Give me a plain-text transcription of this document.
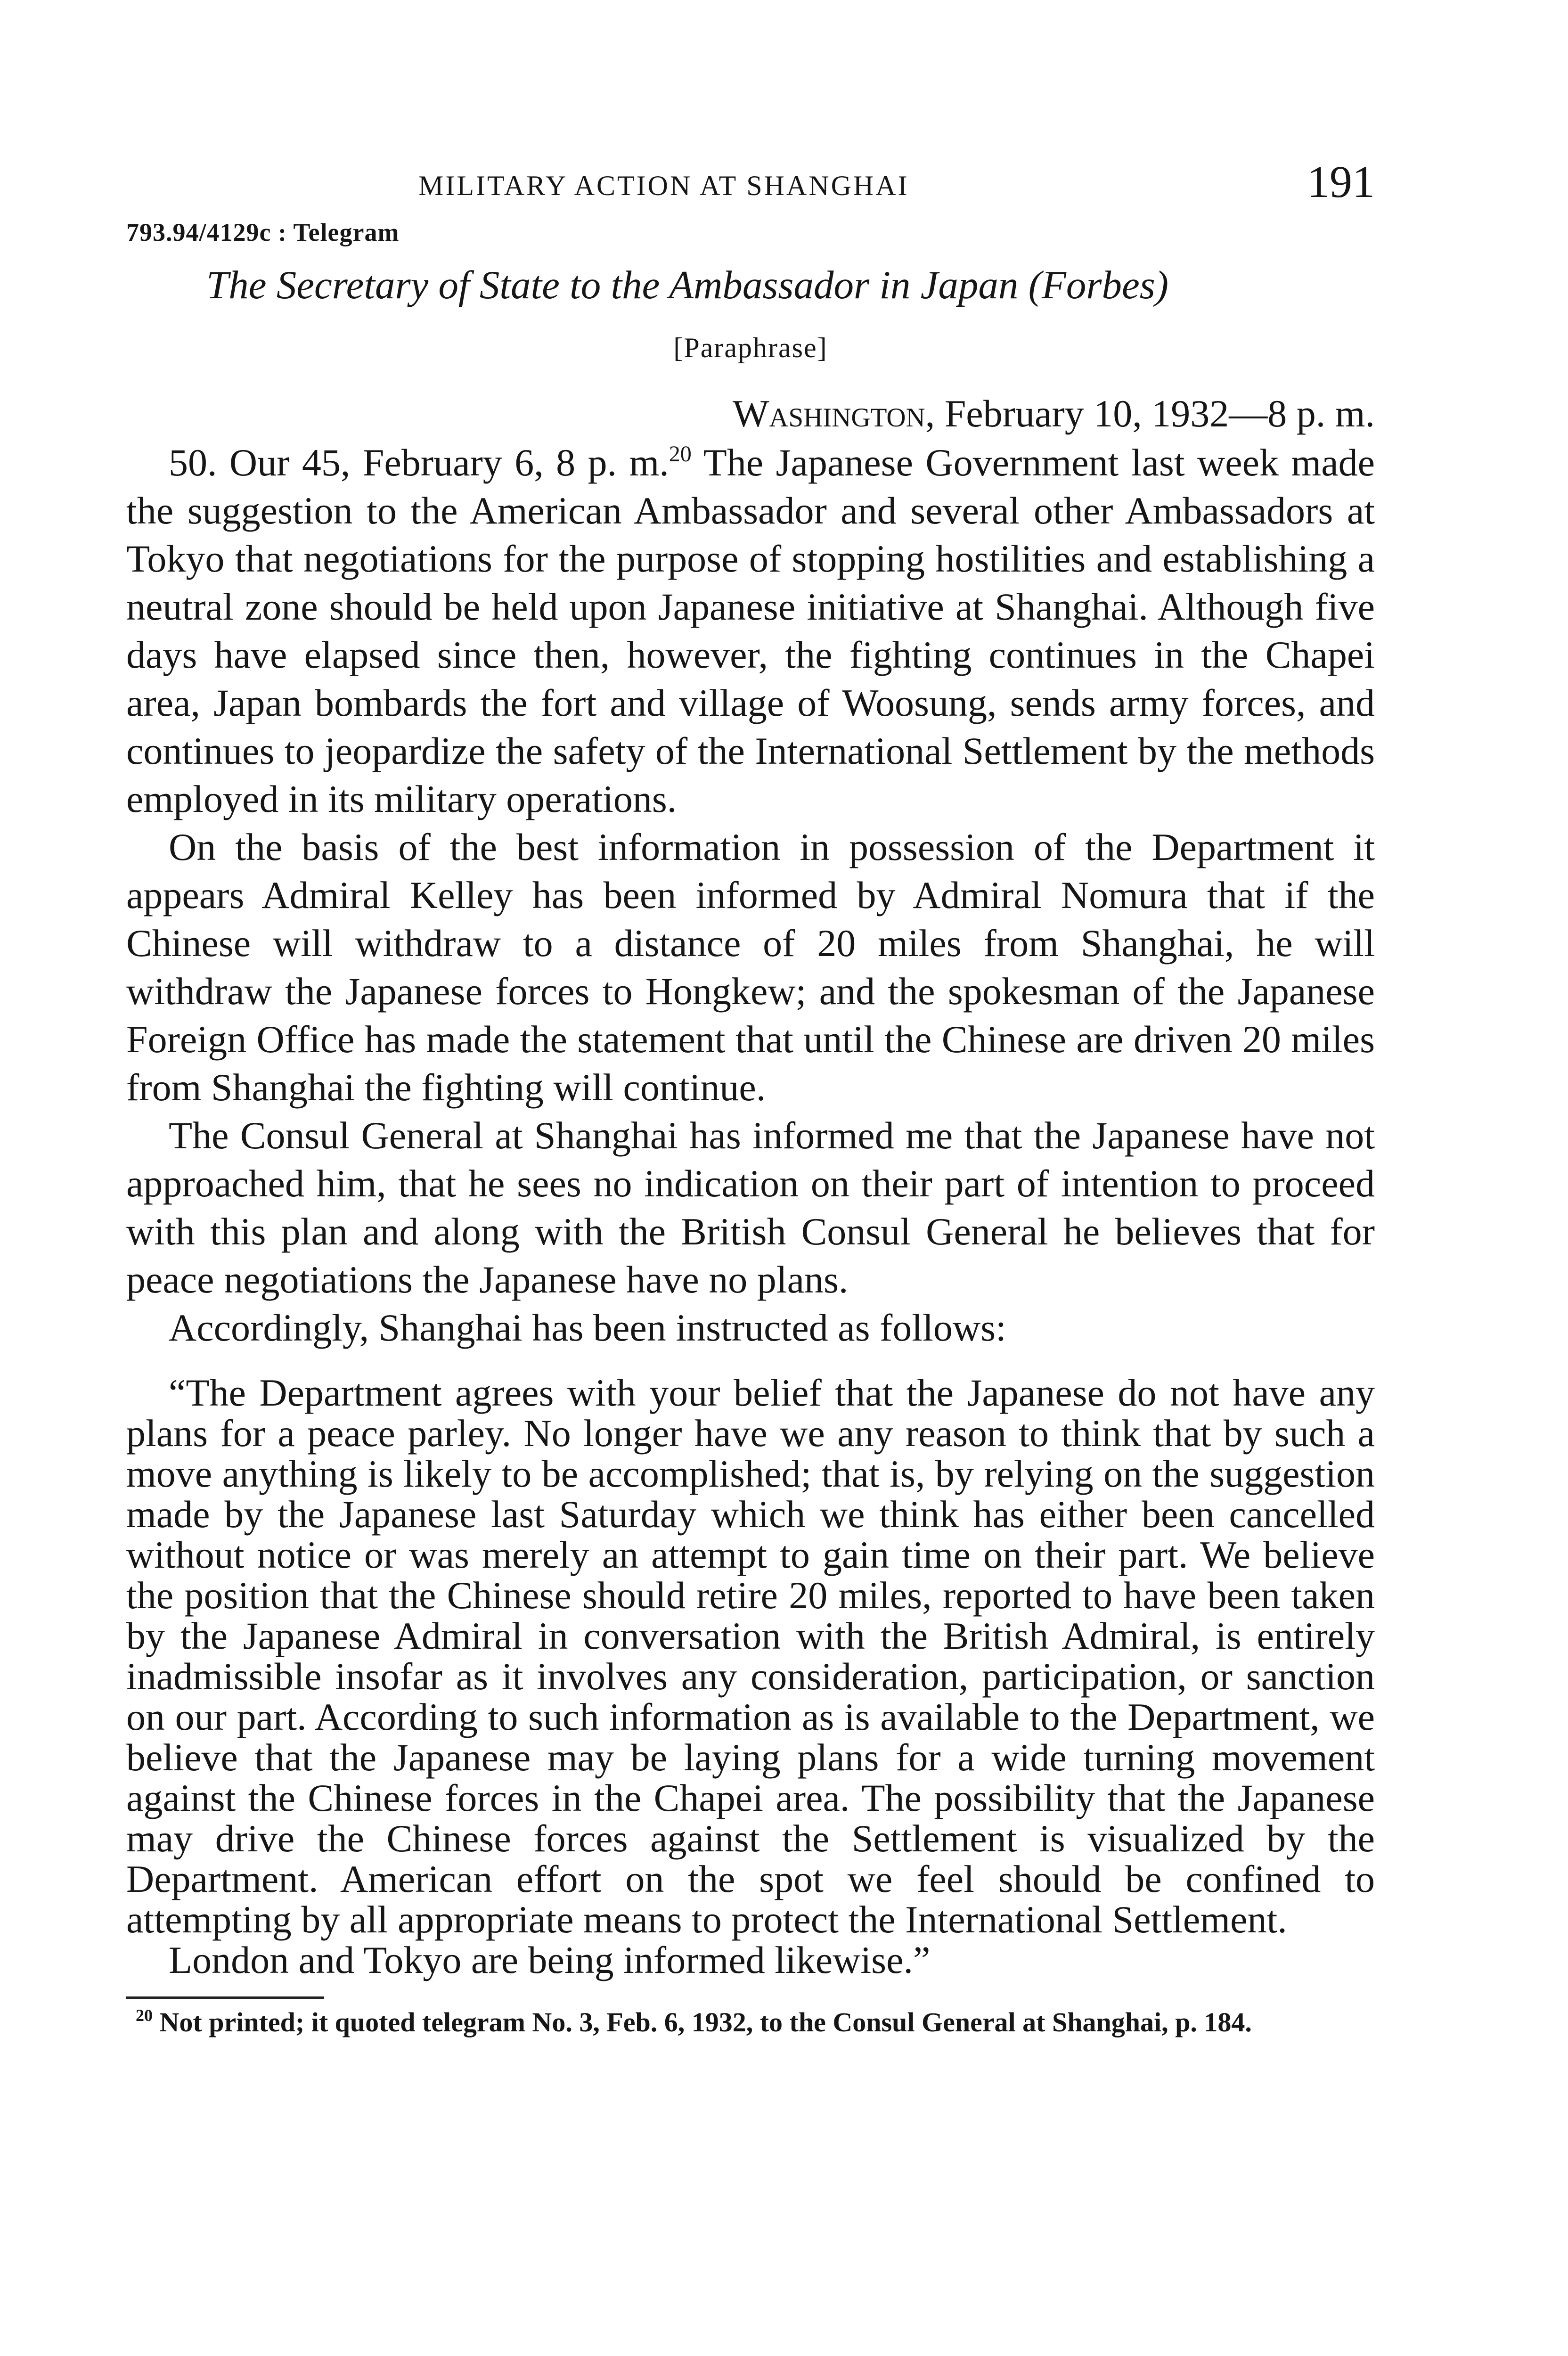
MILITARY ACTION AT SHANGHAI	191
793.94/4129c : Telegram
The Secretary of State to the Ambassador in Japan (Forbes)
[Paraphrase]
Washington, February 10, 1932—8 p. m.

50. Our 45, February 6, 8 p. m.$^{20}$ The Japanese Government last week made the suggestion to the American Ambassador and several other Ambassadors at Tokyo that negotiations for the purpose of stopping hostilities and establishing a neutral zone should be held upon Japanese initiative at Shanghai. Although five days have elapsed since then, however, the fighting continues in the Chapei area, Japan bombards the fort and village of Woosung, sends army forces, and continues to jeopardize the safety of the International Settlement by the methods employed in its military operations.

On the basis of the best information in possession of the Department it appears Admiral Kelley has been informed by Admiral Nomura that if the Chinese will withdraw to a distance of 20 miles from Shanghai, he will withdraw the Japanese forces to Hongkew; and the spokesman of the Japanese Foreign Office has made the statement that until the Chinese are driven 20 miles from Shanghai the fighting will continue.

The Consul General at Shanghai has informed me that the Japanese have not approached him, that he sees no indication on their part of intention to proceed with this plan and along with the British Consul General he believes that for peace negotiations the Japanese have no plans.

Accordingly, Shanghai has been instructed as follows:

“The Department agrees with your belief that the Japanese do not have any plans for a peace parley. No longer have we any reason to think that by such a move anything is likely to be accomplished; that is, by relying on the suggestion made by the Japanese last Saturday which we think has either been cancelled without notice or was merely an attempt to gain time on their part. We believe the position that the Chinese should retire 20 miles, reported to have been taken by the Japanese Admiral in conversation with the British Admiral, is entirely inadmissible insofar as it involves any consideration, participation, or sanction on our part. According to such information as is available to the Department, we believe that the Japanese may be laying plans for a wide turning movement against the Chinese forces in the Chapei area. The possibility that the Japanese may drive the Chinese forces against the Settlement is visualized by the Department. American effort on the spot we feel should be confined to attempting by all appropriate means to protect the International Settlement.

London and Tokyo are being informed likewise.”

$^{20}$ Not printed; it quoted telegram No. 3, Feb. 6, 1932, to the Consul General at Shanghai, p. 184.
